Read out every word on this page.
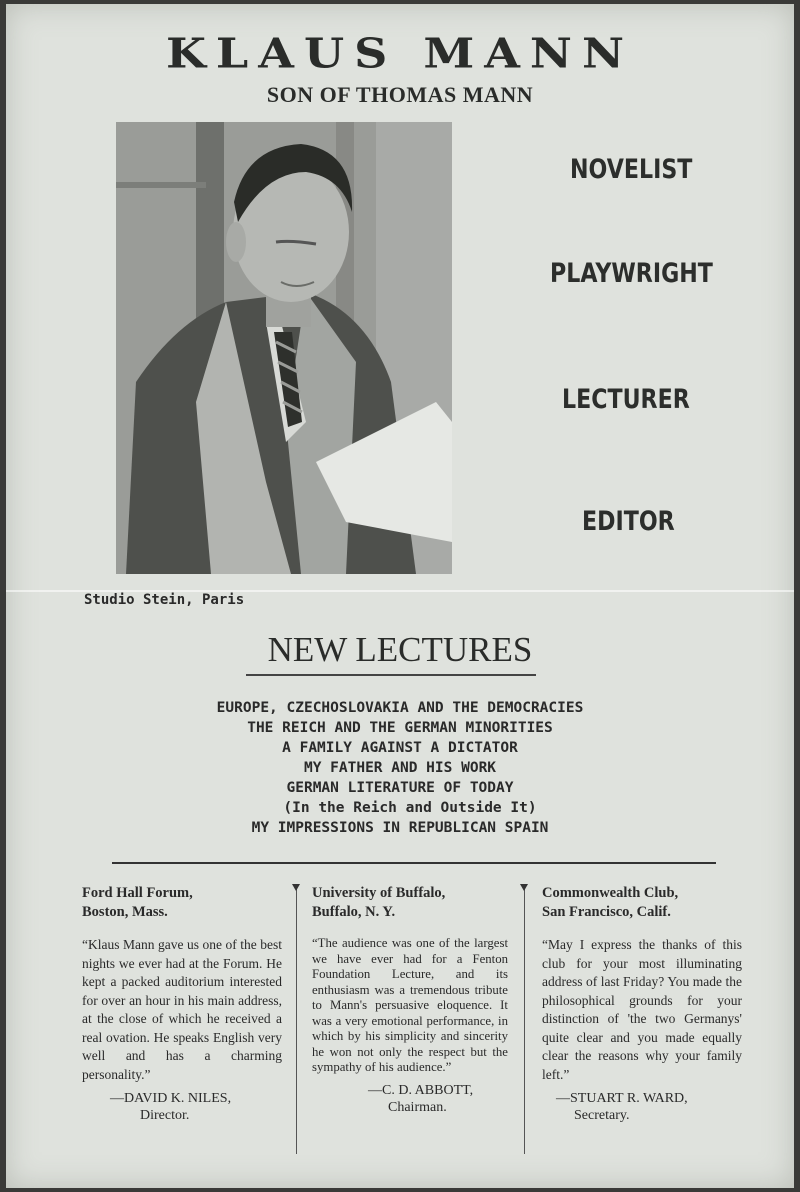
KLAUS MANN
SON OF THOMAS MANN
NOVELIST
PLAYWRIGHT
LECTURER
EDITOR
Studio Stein, Paris
NEW LECTURES
EUROPE, CZECHOSLOVAKIA AND THE DEMOCRACIES
THE REICH AND THE GERMAN MINORITIES
A FAMILY AGAINST A DICTATOR
MY FATHER AND HIS WORK
GERMAN LITERATURE OF TODAY
(In the Reich and Outside It)
MY IMPRESSIONS IN REPUBLICAN SPAIN
Ford Hall Forum,
Boston, Mass.
“Klaus Mann gave us one of the best nights we ever had at the Forum. He kept a packed auditorium interested for over an hour in his main address, at the close of which he received a real ovation. He speaks English very well and has a charming personality.”
—DAVID K. NILES,
Director.
University of Buffalo,
Buffalo, N. Y.
“The audience was one of the largest we have ever had for a Fenton Foundation Lecture, and its enthusiasm was a tremendous tribute to Mann's persuasive eloquence. It was a very emotional performance, in which by his simplicity and sincerity he won not only the respect but the sympathy of his audience.”
—C. D. ABBOTT,
Chairman.
Commonwealth Club,
San Francisco, Calif.
“May I express the thanks of this club for your most illuminating address of last Friday? You made the philosophical grounds for your distinction of 'the two Germanys' quite clear and you made equally clear the reasons why your family left.”
—STUART R. WARD,
Secretary.
